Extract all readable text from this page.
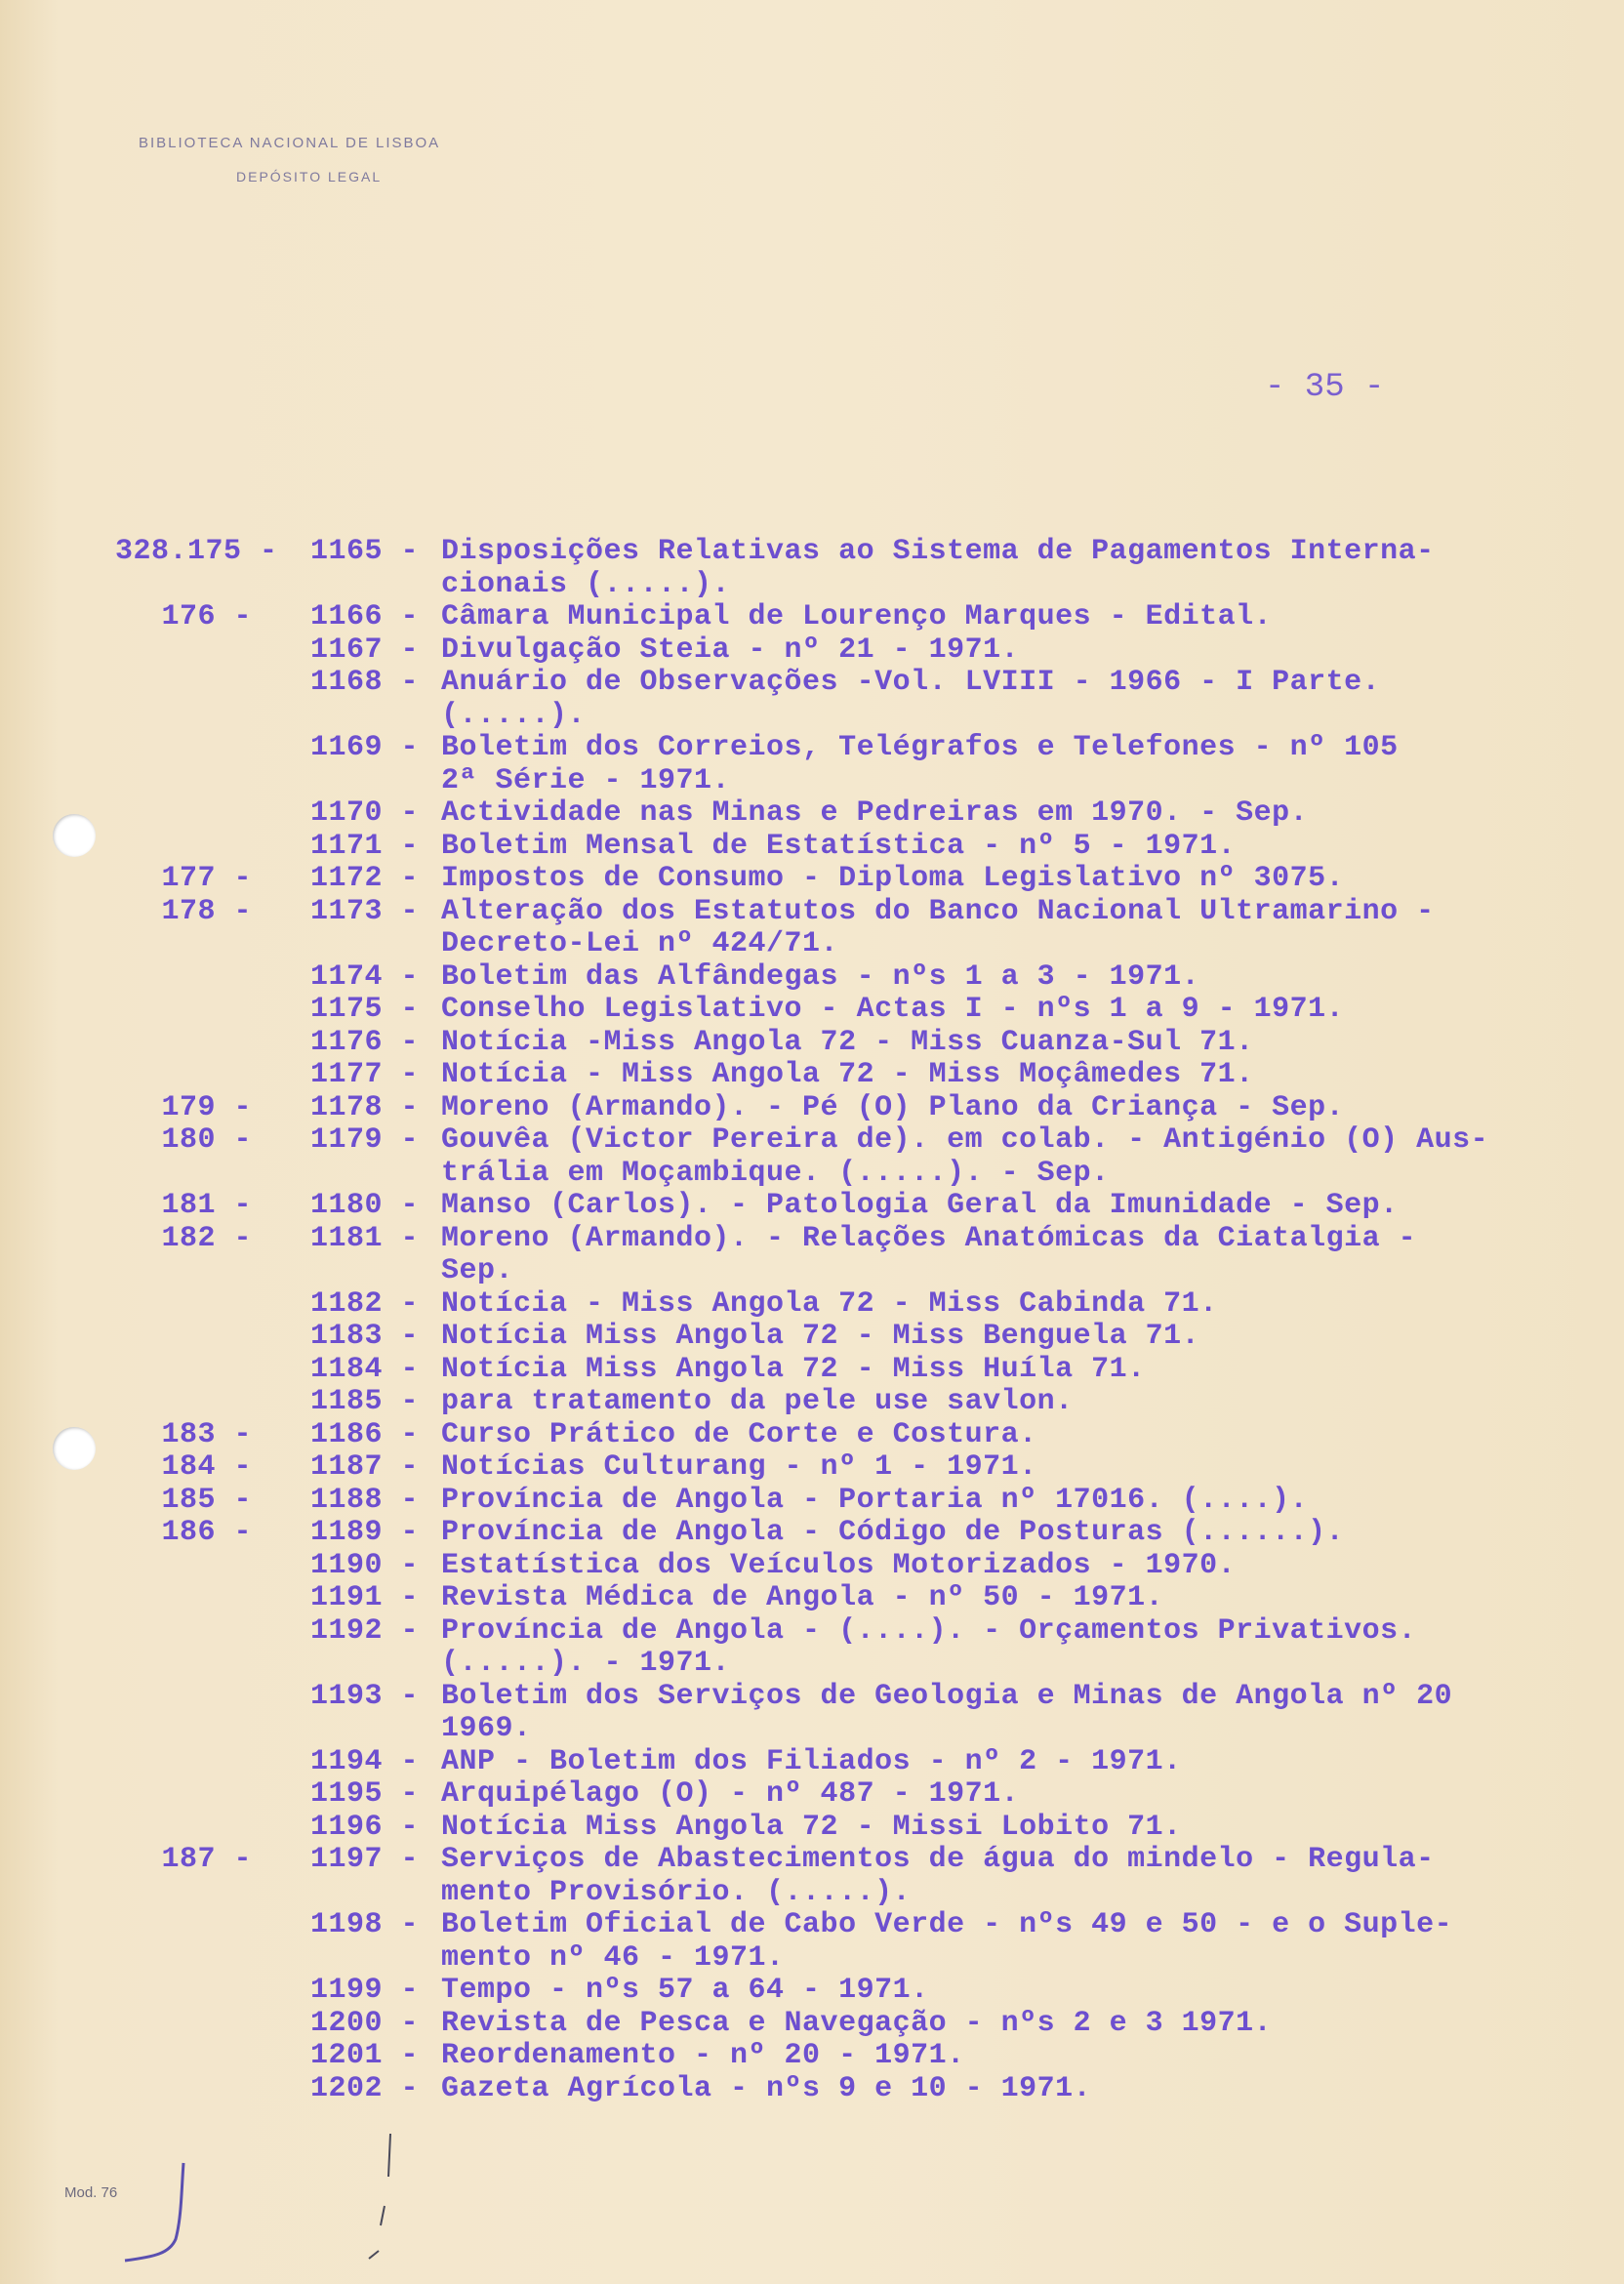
BIBLIOTECA NACIONAL DE LISBOA
DEPÓSITO LEGAL
- 35 -
328.175 - 1165 - Disposições Relativas ao Sistema de Pagamentos Interna-
cionais (.....).
176 - 1166 - Câmara Municipal de Lourenço Marques - Edital.
1167 - Divulgação Steia - nº 21 - 1971.
1168 - Anuário de Observações -Vol. LVIII - 1966 - I Parte.
(.....).
1169 - Boletim dos Correios, Telégrafos e Telefones - nº 105
2ª Série - 1971.
1170 - Actividade nas Minas e Pedreiras em 1970. - Sep.
1171 - Boletim Mensal de Estatística - nº 5 - 1971.
177 - 1172 - Impostos de Consumo - Diploma Legislativo nº 3075.
178 - 1173 - Alteração dos Estatutos do Banco Nacional Ultramarino -
Decreto-Lei nº 424/71.
1174 - Boletim das Alfândegas - nºs 1 a 3 - 1971.
1175 - Conselho Legislativo - Actas I - nºs 1 a 9 - 1971.
1176 - Notícia -Miss Angola 72 - Miss Cuanza-Sul 71.
1177 - Notícia - Miss Angola 72 - Miss Moçâmedes 71.
179 - 1178 - Moreno (Armando). - Pé (O) Plano da Criança - Sep.
180 - 1179 - Gouvêa (Victor Pereira de). em colab. - Antigénio (O) Aus-
trália em Moçambique. (.....). - Sep.
181 - 1180 - Manso (Carlos). - Patologia Geral da Imunidade - Sep.
182 - 1181 - Moreno (Armando). - Relações Anatómicas da Ciatalgia -
Sep.
1182 - Notícia - Miss Angola 72 - Miss Cabinda 71.
1183 - Notícia Miss Angola 72 - Miss Benguela 71.
1184 - Notícia Miss Angola 72 - Miss Huíla 71.
1185 - para tratamento da pele use savlon.
183 - 1186 - Curso Prático de Corte e Costura.
184 - 1187 - Notícias Culturang - nº 1 - 1971.
185 - 1188 - Província de Angola - Portaria nº 17016. (....).
186 - 1189 - Província de Angola - Código de Posturas (......).
1190 - Estatística dos Veículos Motorizados - 1970.
1191 - Revista Médica de Angola - nº 50 - 1971.
1192 - Província de Angola - (....). - Orçamentos Privativos.
(.....). - 1971.
1193 - Boletim dos Serviços de Geologia e Minas de Angola nº 20
1969.
1194 - ANP - Boletim dos Filiados - nº 2 - 1971.
1195 - Arquipélago (O) - nº 487 - 1971.
1196 - Notícia Miss Angola 72 - Missi Lobito 71.
187 - 1197 - Serviços de Abastecimentos de água do mindelo - Regula-
mento Provisório. (.....).
1198 - Boletim Oficial de Cabo Verde - nºs 49 e 50 - e o Suple-
mento nº 46 - 1971.
1199 - Tempo - nºs 57 a 64 - 1971.
1200 - Revista de Pesca e Navegação - nºs 2 e 3 1971.
1201 - Reordenamento - nº 20 - 1971.
1202 - Gazeta Agrícola - nºs 9 e 10 - 1971.
Mod. 76
